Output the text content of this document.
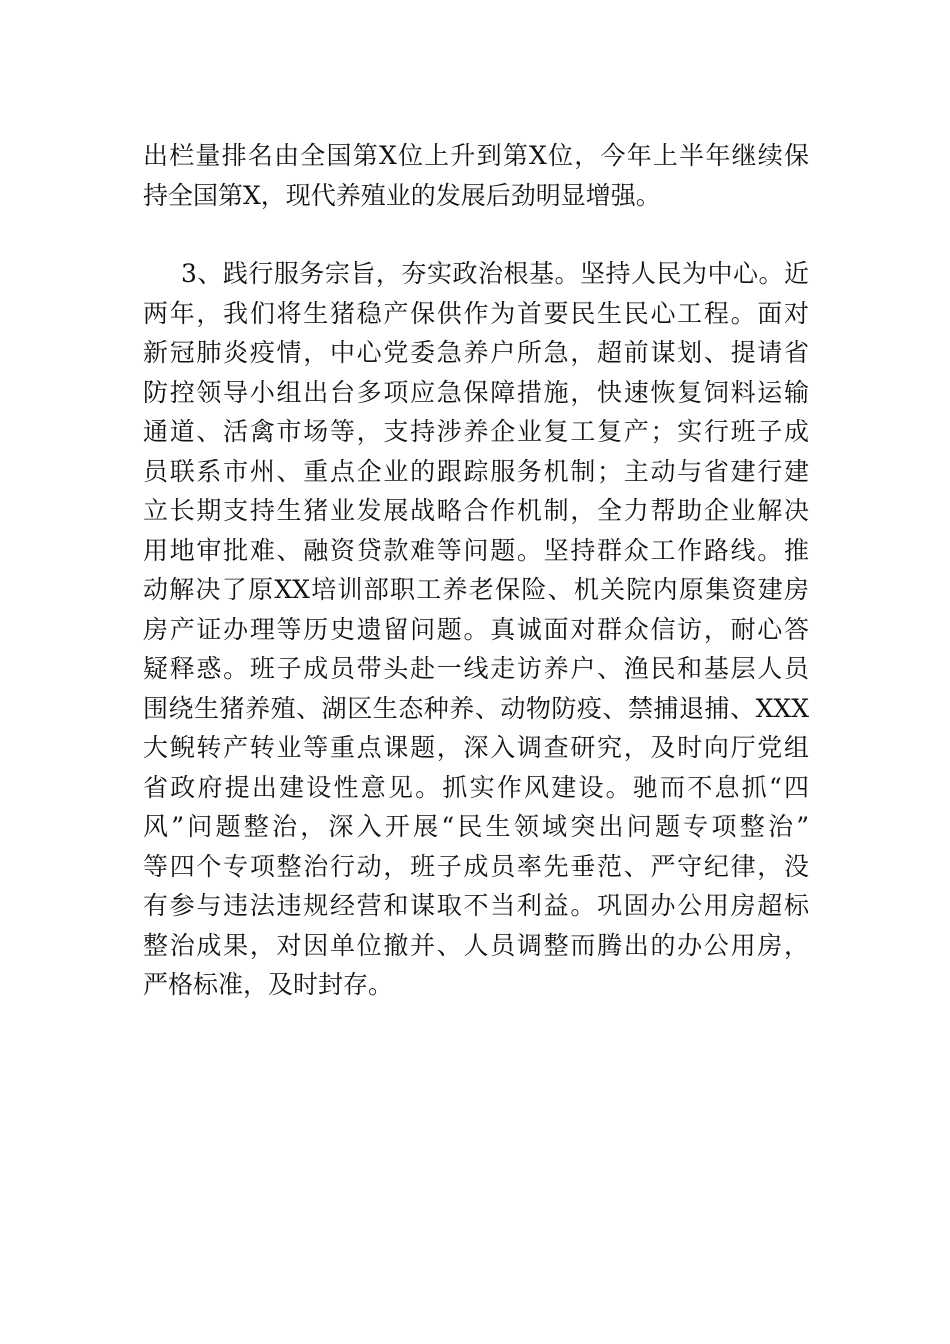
出栏量排名由全国第X位上升到第X位，今年上半年继续保
持全国第X，现代养殖业的发展后劲明显增强。
3、践行服务宗旨，夯实政治根基。坚持人民为中心。近
两年，我们将生猪稳产保供作为首要民生民心工程。面对
新冠肺炎疫情，中心党委急养户所急，超前谋划、提请省
防控领导小组出台多项应急保障措施，快速恢复饲料运输
通道、活禽市场等，支持涉养企业复工复产；实行班子成
员联系市州、重点企业的跟踪服务机制；主动与省建行建
立长期支持生猪业发展战略合作机制，全力帮助企业解决
用地审批难、融资贷款难等问题。坚持群众工作路线。推
动解决了原XX培训部职工养老保险、机关院内原集资建房
房产证办理等历史遗留问题。真诚面对群众信访，耐心答
疑释惑。班子成员带头赴一线走访养户、渔民和基层人员
围绕生猪养殖、湖区生态种养、动物防疫、禁捕退捕、XXX
大鲵转产转业等重点课题，深入调查研究，及时向厅党组
省政府提出建设性意见。抓实作风建设。驰而不息抓“四
风”问题整治，深入开展“民生领域突出问题专项整治”
等四个专项整治行动，班子成员率先垂范、严守纪律，没
有参与违法违规经营和谋取不当利益。巩固办公用房超标
整治成果，对因单位撤并、人员调整而腾出的办公用房，
严格标准，及时封存。
